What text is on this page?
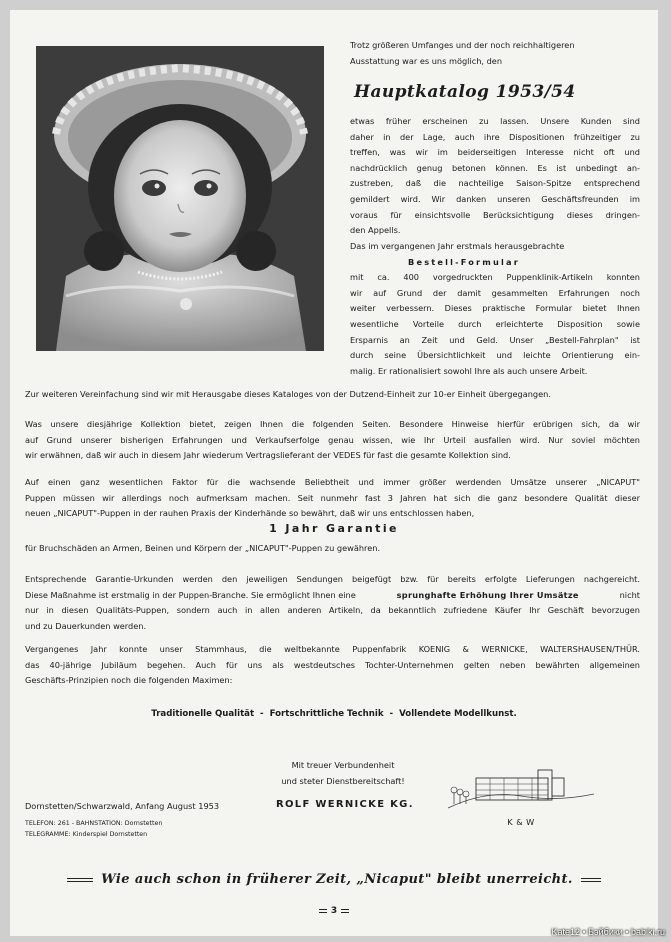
Trotz größeren Umfanges und der noch reichhaltigeren

Ausstattung war es uns möglich, den

Hauptkatalog 1953/54

etwas früher erscheinen zu lassen. Unsere Kunden sind

daher in der Lage, auch ihre Dispositionen frühzeitiger zu

treffen, was wir im beiderseitigen Interesse nicht oft und

nachdrücklich genug betonen können. Es ist unbedingt an-

zustreben, daß die nachteilige Saison-Spitze entsprechend

gemildert wird. Wir danken unseren Geschäftsfreunden im

voraus für einsichtsvolle Berücksichtigung dieses dringen-

den Appells.

Das im vergangenen Jahr erstmals herausgebrachte

Bestell-Formular

mit ca. 400 vorgedruckten Puppenklinik-Artikeln konnten

wir auf Grund der damit gesammelten Erfahrungen noch

weiter verbessern. Dieses praktische Formular bietet Ihnen

wesentliche Vorteile durch erleichterte Disposition sowie

Ersparnis an Zeit und Geld. Unser „Bestell-Fahrplan" ist

durch seine Übersichtlichkeit und leichte Orientierung ein-

malig. Er rationalisiert sowohl Ihre als auch unsere Arbeit.

Zur weiteren Vereinfachung sind wir mit Herausgabe dieses Kataloges von der Dutzend-Einheit zur 10-er Einheit übergegangen.

Was unsere diesjährige Kollektion bietet, zeigen Ihnen die folgenden Seiten. Besondere Hinweise hierfür erübrigen sich, da wir

auf Grund unserer bisherigen Erfahrungen und Verkaufserfolge genau wissen, wie Ihr Urteil ausfallen wird. Nur soviel möchten

wir erwähnen, daß wir auch in diesem Jahr wiederum Vertragslieferant der VEDES für fast die gesamte Kollektion sind.

Auf einen ganz wesentlichen Faktor für die wachsende Beliebtheit und immer größer werdenden Umsätze unserer „NICAPUT"

Puppen müssen wir allerdings noch aufmerksam machen. Seit nunmehr fast 3 Jahren hat sich die ganz besondere Qualität dieser

neuen „NICAPUT"-Puppen in der rauhen Praxis der Kinderhände so bewährt, daß wir uns entschlossen haben,

1 Jahr Garantie

für Bruchschäden an Armen, Beinen und Körpern der „NICAPUT"-Puppen zu gewähren.

Entsprechende Garantie-Urkunden werden den jeweiligen Sendungen beigefügt bzw. für bereits erfolgte Lieferungen nachgereicht.

Diese Maßnahme ist erstmalig in der Puppen-Branche. Sie ermöglicht Ihnen eine	sprunghafte Erhöhung Ihrer Umsätze	nicht

nur in diesen Qualitäts-Puppen, sondern auch in allen anderen Artikeln, da bekanntlich zufriedene Käufer Ihr Geschäft bevorzugen

und zu Dauerkunden werden.

Vergangenes Jahr konnte unser Stammhaus, die weltbekannte Puppenfabrik KOENIG & WERNICKE, WALTERSHAUSEN/THÜR.

das 40-jährige Jubiläum begehen. Auch für uns als westdeutsches Tochter-Unternehmen gelten neben bewährten allgemeinen

Geschäfts-Prinzipien noch die folgenden Maximen:

Traditionelle Qualität  -  Fortschrittliche Technik  -  Vollendete Modellkunst.

Mit treuer Verbundenheit

und steter Dienstbereitschaft!

K & W
Dornstetten/Schwarzwald, Anfang August 1953	ROLF WERNICKE KG.
TELEFON: 261 - BAHNSTATION: Dornstetten
TELEGRAMME: Kinderspiel Dornstetten
Wie auch schon in früherer Zeit, „Nicaput" bleibt unerreicht.
3
Kate12 • Бэйбики • babiki.ru
